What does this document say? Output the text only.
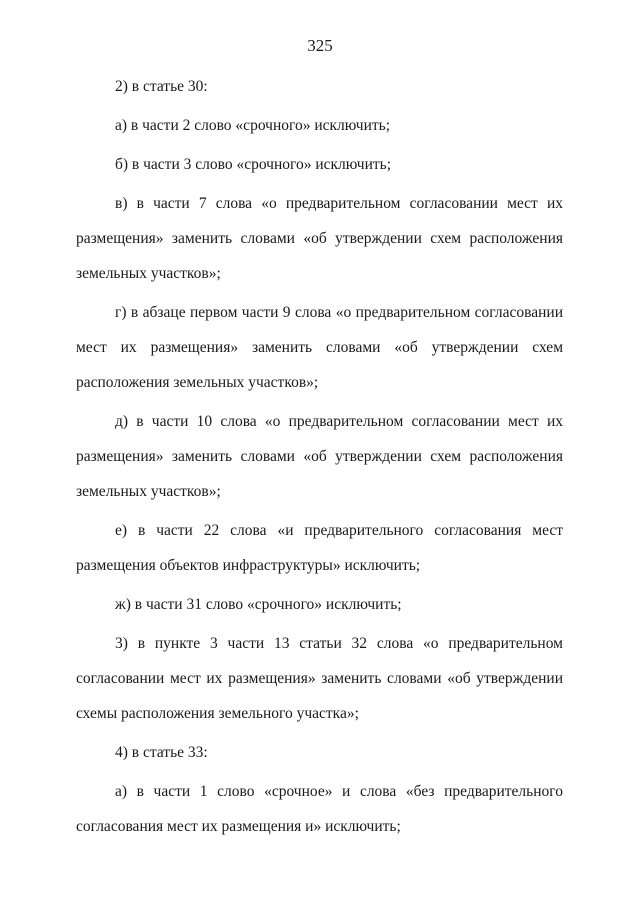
325

2) в статье 30:

а) в части 2 слово «срочного» исключить;

б) в части 3 слово «срочного» исключить;

в) в части 7 слова «о предварительном согласовании мест их размещения» заменить словами «об утверждении схем расположения земельных участков»;

г) в абзаце первом части 9 слова «о предварительном согласовании мест их размещения» заменить словами «об утверждении схем расположения земельных участков»;

д) в части 10 слова «о предварительном согласовании мест их размещения» заменить словами «об утверждении схем расположения земельных участков»;

е) в части 22 слова «и предварительного согласования мест размещения объектов инфраструктуры» исключить;

ж) в части 31 слово «срочного» исключить;

3) в пункте 3 части 13 статьи 32 слова «о предварительном согласовании мест их размещения» заменить словами «об утверждении схемы расположения земельного участка»;

4) в статье 33:

а) в части 1 слово «срочное» и слова «без предварительного согласования мест их размещения и» исключить;
